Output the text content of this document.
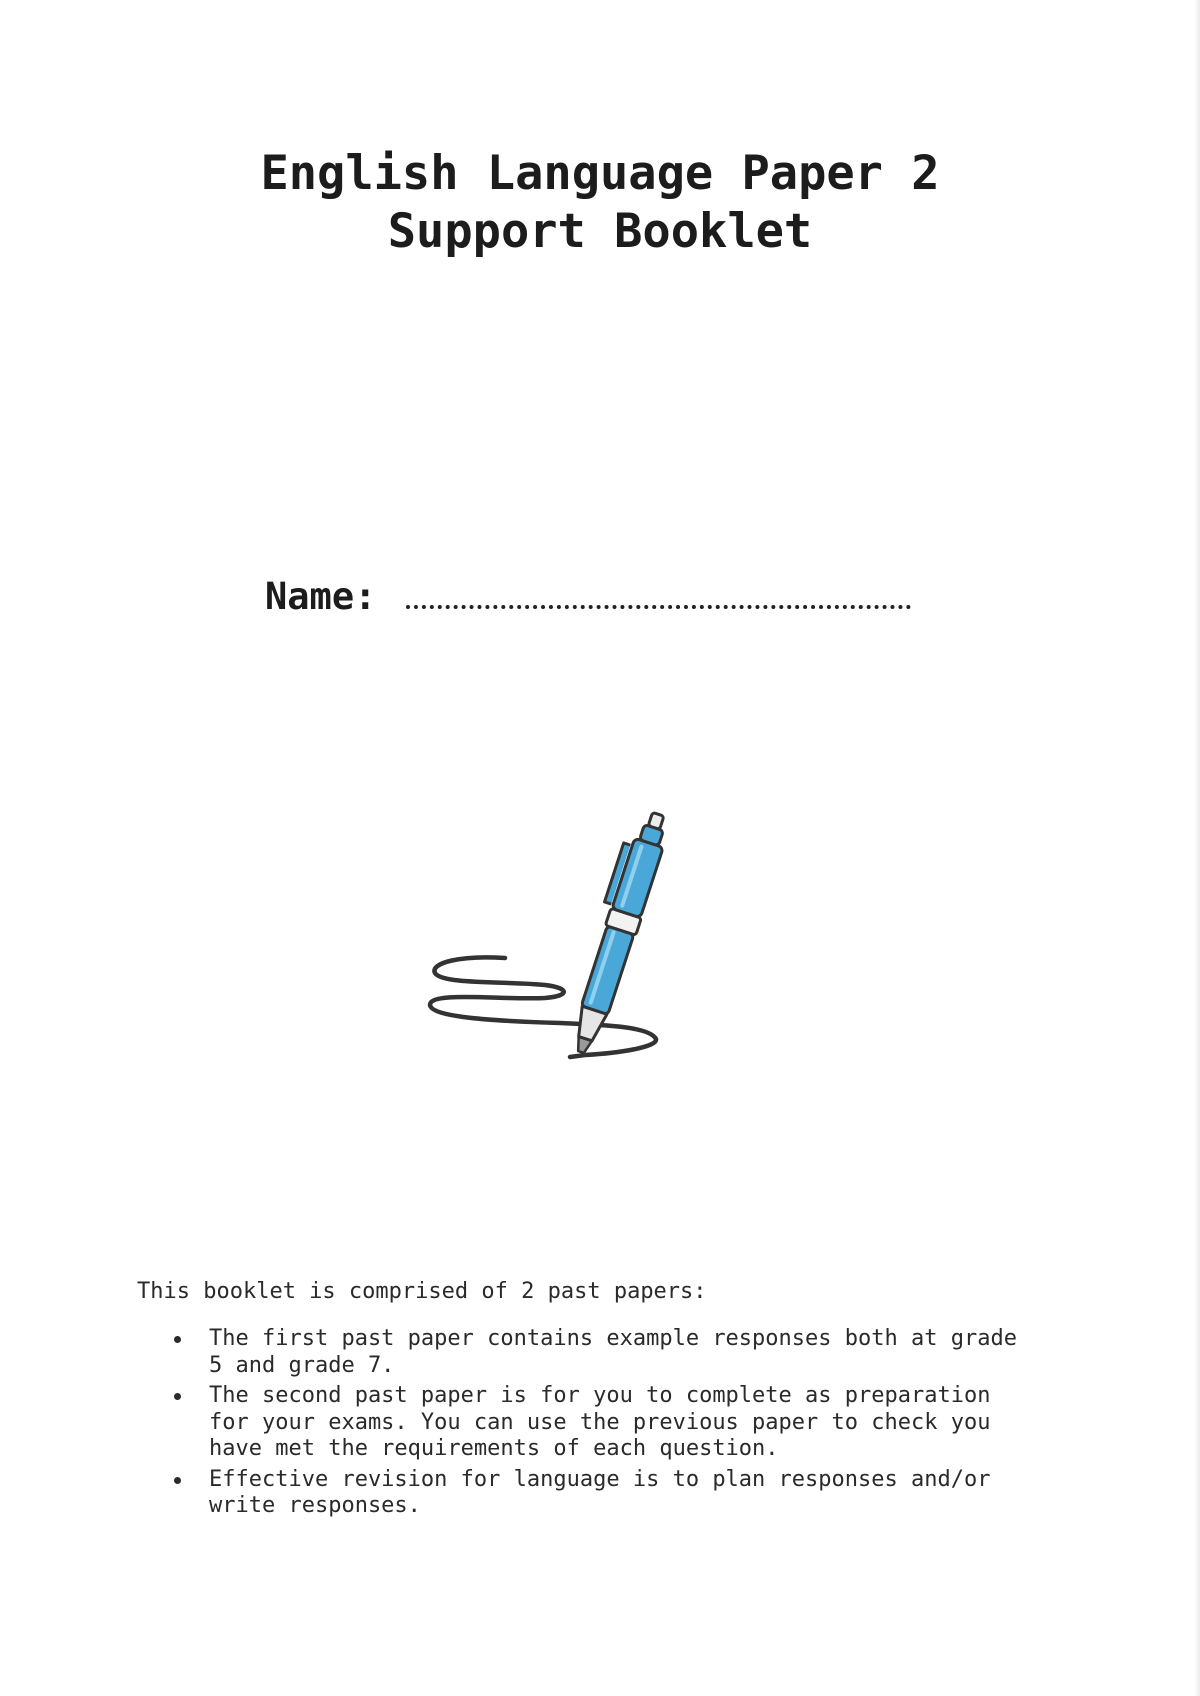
English Language Paper 2
Support Booklet
Name:

This booklet is comprised of 2 past papers:

The first past paper contains example responses both at grade 5 and grade 7.
The second past paper is for you to complete as preparation for your exams. You can use the previous paper to check you have met the requirements of each question.
Effective revision for language is to plan responses and/or write responses.
